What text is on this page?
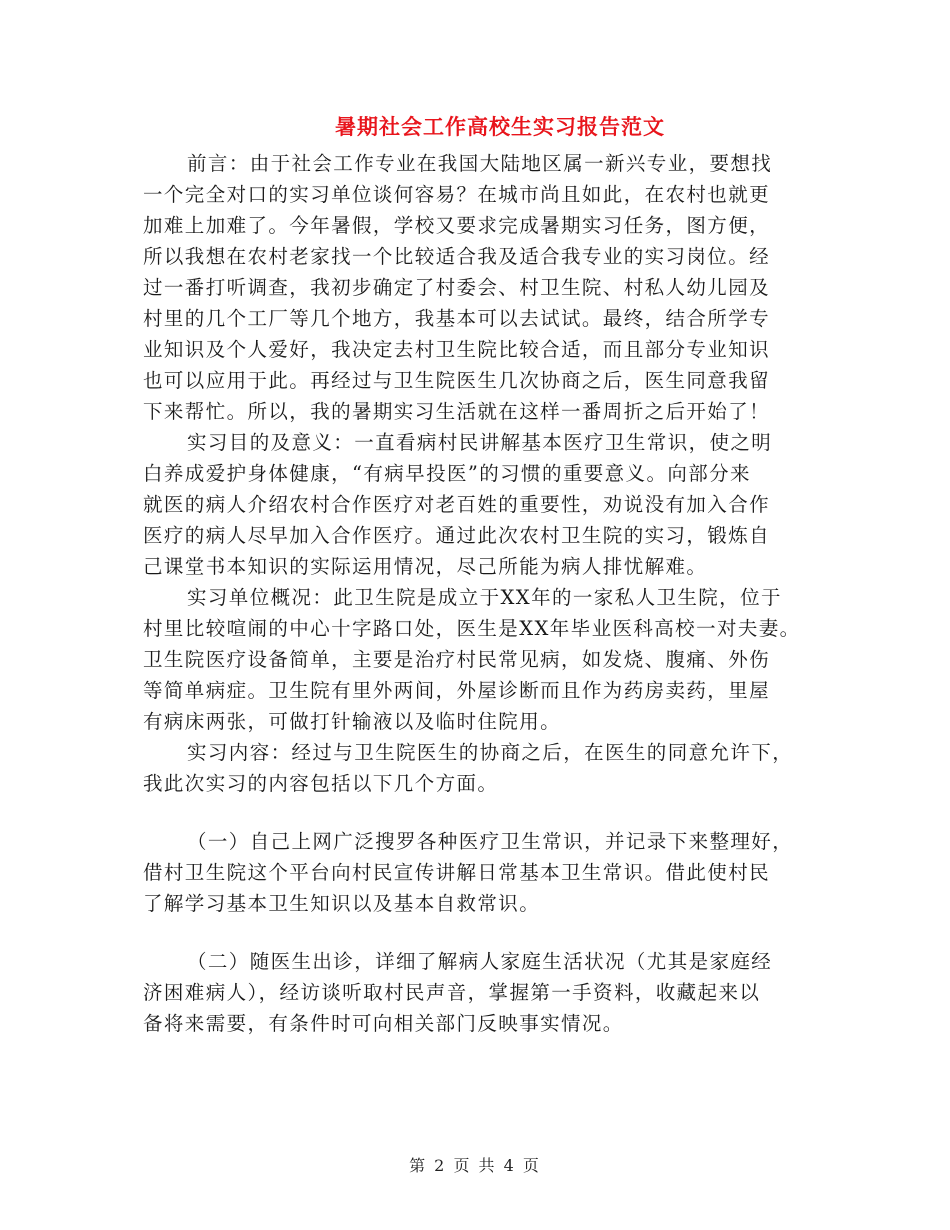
暑期社会工作高校生实习报告范文

前言：由于社会工作专业在我国大陆地区属一新兴专业，要想找
一个完全对口的实习单位谈何容易？在城市尚且如此，在农村也就更
加难上加难了。今年暑假，学校又要求完成暑期实习任务，图方便，
所以我想在农村老家找一个比较适合我及适合我专业的实习岗位。经
过一番打听调查，我初步确定了村委会、村卫生院、村私人幼儿园及
村里的几个工厂等几个地方，我基本可以去试试。最终，结合所学专
业知识及个人爱好，我决定去村卫生院比较合适，而且部分专业知识
也可以应用于此。再经过与卫生院医生几次协商之后，医生同意我留
下来帮忙。所以，我的暑期实习生活就在这样一番周折之后开始了！

实习目的及意义：一直看病村民讲解基本医疗卫生常识，使之明
白养成爱护身体健康，“有病早投医”的习惯的重要意义。向部分来
就医的病人介绍农村合作医疗对老百姓的重要性，劝说没有加入合作
医疗的病人尽早加入合作医疗。通过此次农村卫生院的实习，锻炼自
己课堂书本知识的实际运用情况，尽己所能为病人排忧解难。

实习单位概况：此卫生院是成立于XX年的一家私人卫生院，位于
村里比较喧闹的中心十字路口处，医生是XX年毕业医科高校一对夫妻。
卫生院医疗设备简单，主要是治疗村民常见病，如发烧、腹痛、外伤
等简单病症。卫生院有里外两间，外屋诊断而且作为药房卖药，里屋
有病床两张，可做打针输液以及临时住院用。

实习内容：经过与卫生院医生的协商之后，在医生的同意允许下，
我此次实习的内容包括以下几个方面。

（一）自己上网广泛搜罗各种医疗卫生常识，并记录下来整理好，
借村卫生院这个平台向村民宣传讲解日常基本卫生常识。借此使村民
了解学习基本卫生知识以及基本自救常识。

（二）随医生出诊，详细了解病人家庭生活状况（尤其是家庭经
济困难病人），经访谈听取村民声音，掌握第一手资料，收藏起来以
备将来需要，有条件时可向相关部门反映事实情况。

第 2 页 共 4 页
